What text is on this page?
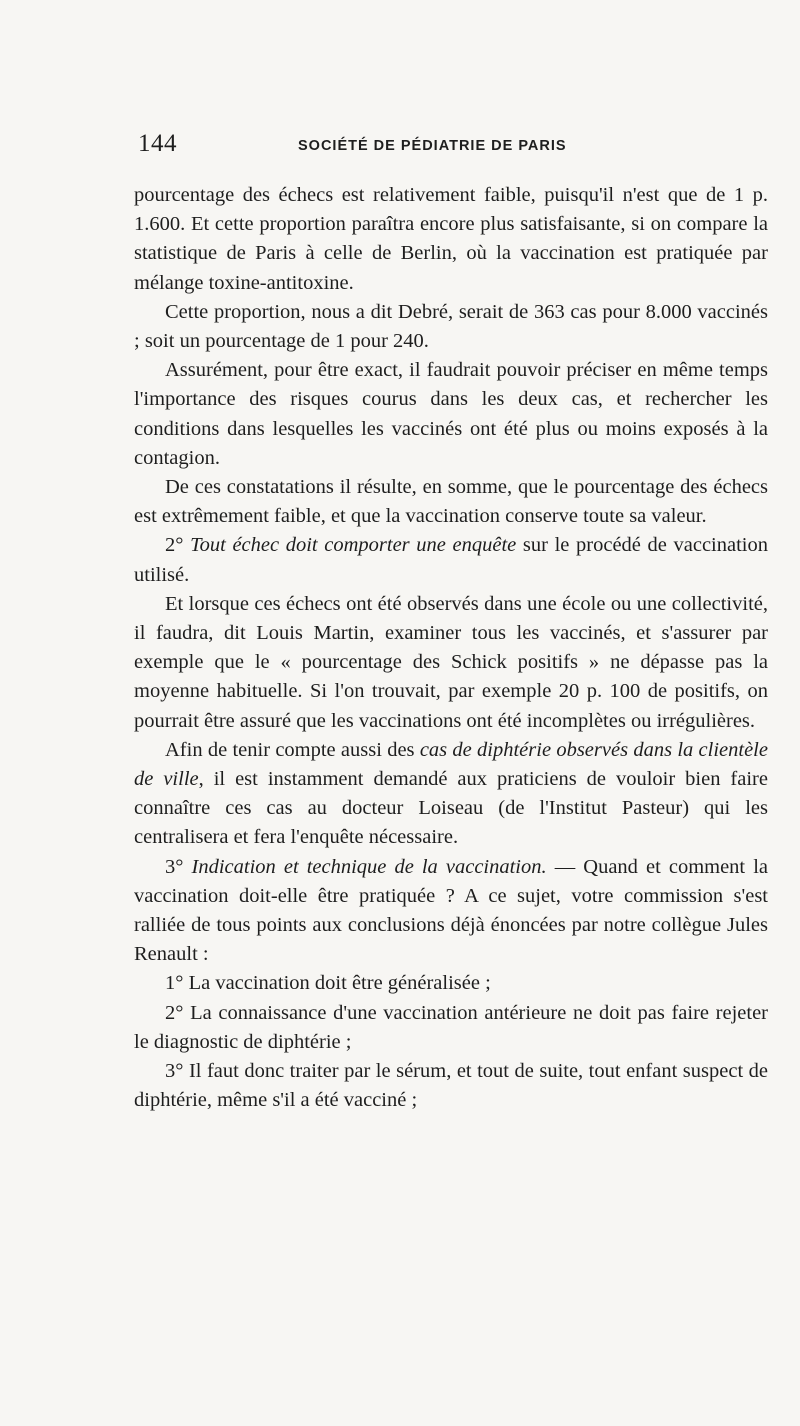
144	SOCIÉTÉ DE PÉDIATRIE DE PARIS

pourcentage des échecs est relativement faible, puisqu'il n'est que de 1 p. 1.600. Et cette proportion paraîtra encore plus satisfaisante, si on compare la statistique de Paris à celle de Berlin, où la vaccination est pratiquée par mélange toxine-antitoxine.

Cette proportion, nous a dit Debré, serait de 363 cas pour 8.000 vaccinés ; soit un pourcentage de 1 pour 240.

Assurément, pour être exact, il faudrait pouvoir préciser en même temps l'importance des risques courus dans les deux cas, et rechercher les conditions dans lesquelles les vaccinés ont été plus ou moins exposés à la contagion.

De ces constatations il résulte, en somme, que le pourcentage des échecs est extrêmement faible, et que la vaccination conserve toute sa valeur.

2° Tout échec doit comporter une enquête sur le procédé de vaccination utilisé.

Et lorsque ces échecs ont été observés dans une école ou une collectivité, il faudra, dit Louis Martin, examiner tous les vaccinés, et s'assurer par exemple que le « pourcentage des Schick positifs » ne dépasse pas la moyenne habituelle. Si l'on trouvait, par exemple 20 p. 100 de positifs, on pourrait être assuré que les vaccinations ont été incomplètes ou irrégulières.

Afin de tenir compte aussi des cas de diphtérie observés dans la clientèle de ville, il est instamment demandé aux praticiens de vouloir bien faire connaître ces cas au docteur Loiseau (de l'Institut Pasteur) qui les centralisera et fera l'enquête nécessaire.

3° Indication et technique de la vaccination. — Quand et comment la vaccination doit-elle être pratiquée ? A ce sujet, votre commission s'est ralliée de tous points aux conclusions déjà énoncées par notre collègue Jules Renault :

1° La vaccination doit être généralisée ;

2° La connaissance d'une vaccination antérieure ne doit pas faire rejeter le diagnostic de diphtérie ;

3° Il faut donc traiter par le sérum, et tout de suite, tout enfant suspect de diphtérie, même s'il a été vacciné ;
